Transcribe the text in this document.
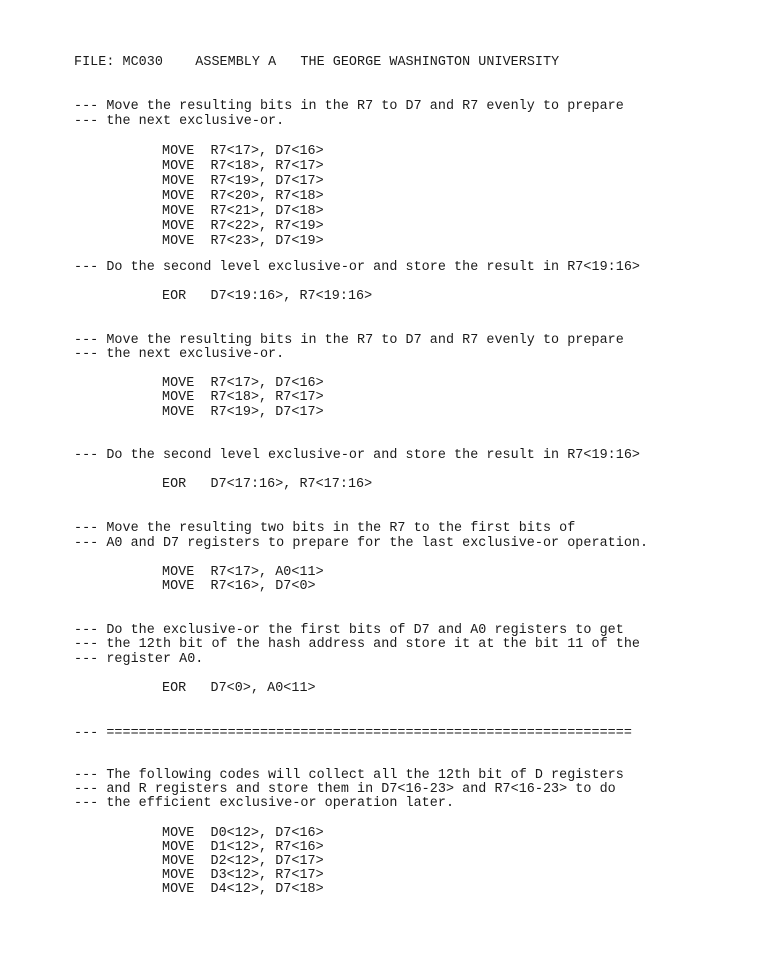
FILE: MC030 ASSEMBLY A THE GEORGE WASHINGTON UNIVERSITY
--- Move the resulting bits in the R7 to D7 and R7 evenly to prepare
--- the next exclusive-or.
MOVE  R7<17>, D7<16>
MOVE  R7<18>, R7<17>
MOVE  R7<19>, D7<17>
MOVE  R7<20>, R7<18>
MOVE  R7<21>, D7<18>
MOVE  R7<22>, R7<19>
MOVE  R7<23>, D7<19>
--- Do the second level exclusive-or and store the result in R7<19:16>
EOR   D7<19:16>, R7<19:16>
--- Move the resulting bits in the R7 to D7 and R7 evenly to prepare
--- the next exclusive-or.
MOVE  R7<17>, D7<16>
MOVE  R7<18>, R7<17>
MOVE  R7<19>, D7<17>
--- Do the second level exclusive-or and store the result in R7<19:16>
EOR   D7<17:16>, R7<17:16>
--- Move the resulting two bits in the R7 to the first bits of
--- A0 and D7 registers to prepare for the last exclusive-or operation.
MOVE  R7<17>, A0<11>
MOVE  R7<16>, D7<0>
--- Do the exclusive-or the first bits of D7 and A0 registers to get
--- the 12th bit of the hash address and store it at the bit 11 of the
--- register A0.
EOR   D7<0>, A0<11>
--- =================================================================
--- The following codes will collect all the 12th bit of D registers
--- and R registers and store them in D7<16-23> and R7<16-23> to do
--- the efficient exclusive-or operation later.
MOVE  D0<12>, D7<16>
MOVE  D1<12>, R7<16>
MOVE  D2<12>, D7<17>
MOVE  D3<12>, R7<17>
MOVE  D4<12>, D7<18>
